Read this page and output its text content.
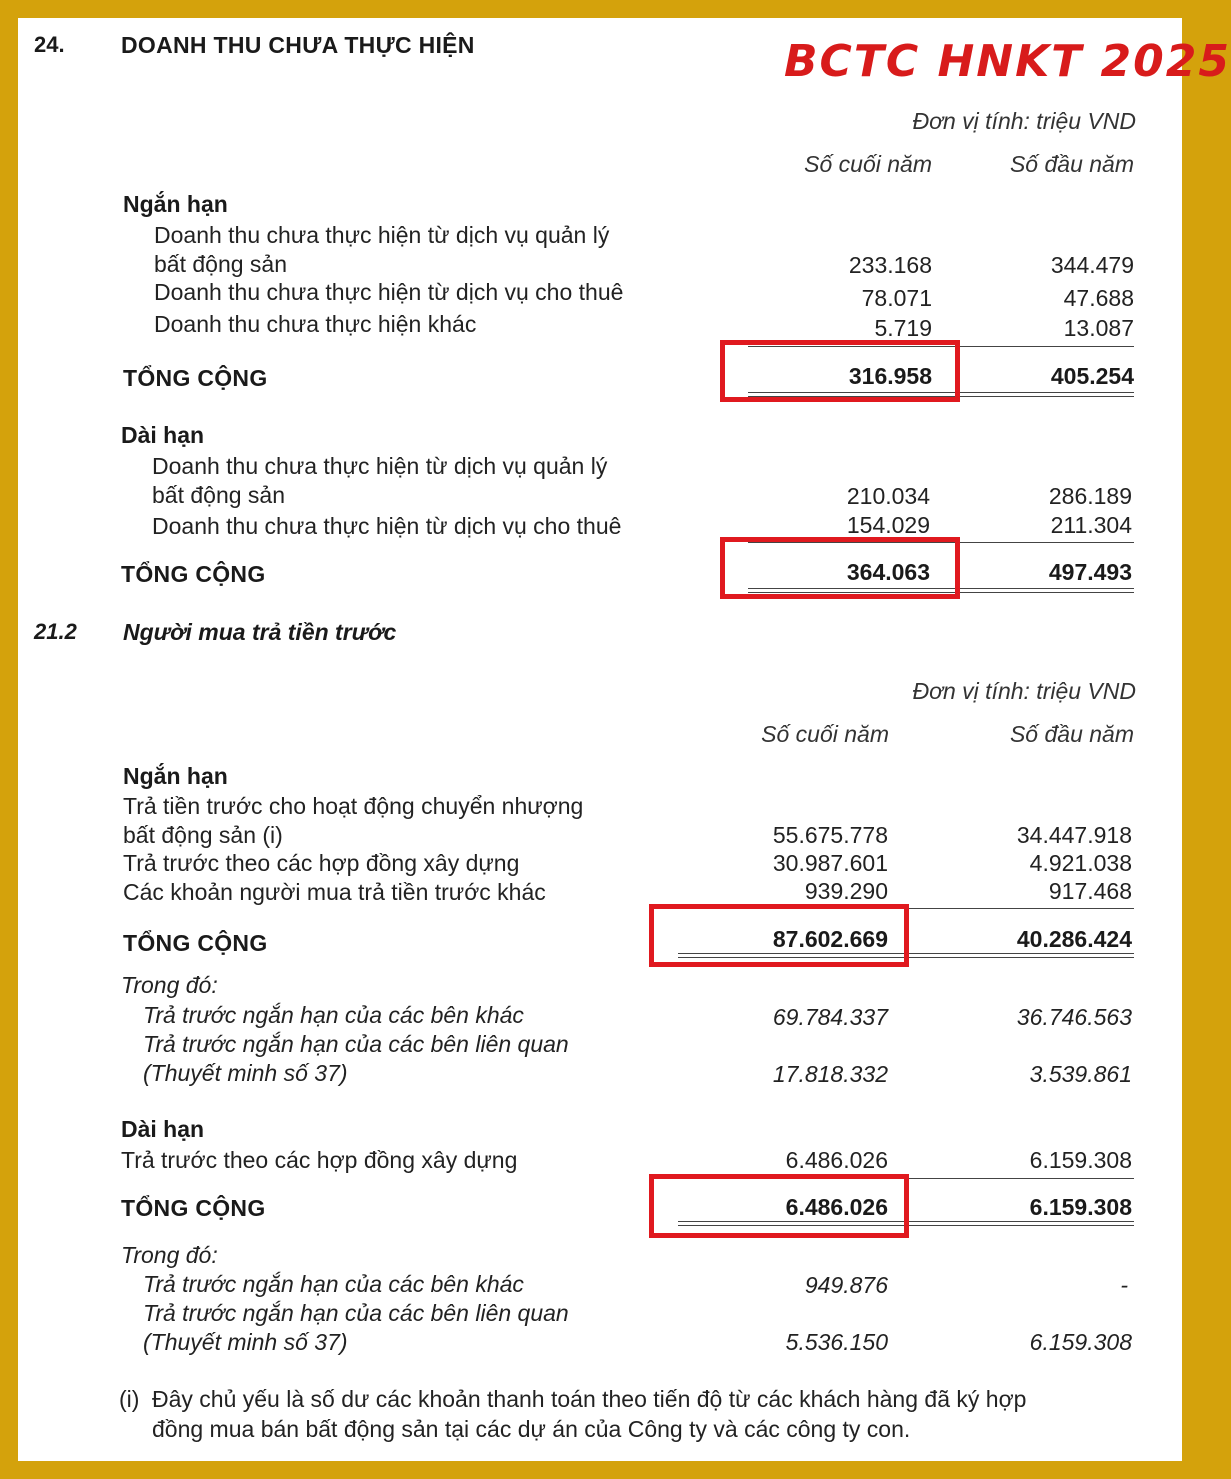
24. DOANH THU CHƯA THỰC HIỆN	BCTC HNKT 2025
Đơn vị tính: triệu VND
Số cuối năm	Số đầu năm
Ngắn hạn
Doanh thu chưa thực hiện từ dịch vụ quản lý
bất động sản	233.168	344.479
Doanh thu chưa thực hiện từ dịch vụ cho thuê	78.071	47.688
Doanh thu chưa thực hiện khác	5.719	13.087
TỔNG CỘNG	316.958	405.254
Dài hạn
Doanh thu chưa thực hiện từ dịch vụ quản lý
bất động sản	210.034	286.189
Doanh thu chưa thực hiện từ dịch vụ cho thuê	154.029	211.304
TỔNG CỘNG	364.063	497.493
21.2 Người mua trả tiền trước
Đơn vị tính: triệu VND
Số cuối năm	Số đầu năm
Ngắn hạn
Trả tiền trước cho hoạt động chuyển nhượng
bất động sản (i)	55.675.778	34.447.918
Trả trước theo các hợp đồng xây dựng	30.987.601	4.921.038
Các khoản người mua trả tiền trước khác	939.290	917.468
TỔNG CỘNG	87.602.669	40.286.424
Trong đó:
Trả trước ngắn hạn của các bên khác	69.784.337	36.746.563
Trả trước ngắn hạn của các bên liên quan
(Thuyết minh số 37)	17.818.332	3.539.861
Dài hạn
Trả trước theo các hợp đồng xây dựng	6.486.026	6.159.308
TỔNG CỘNG	6.486.026	6.159.308
Trong đó:
Trả trước ngắn hạn của các bên khác	949.876	-
Trả trước ngắn hạn của các bên liên quan
(Thuyết minh số 37)	5.536.150	6.159.308
(i) Đây chủ yếu là số dư các khoản thanh toán theo tiến độ từ các khách hàng đã ký hợp
đồng mua bán bất động sản tại các dự án của Công ty và các công ty con.
